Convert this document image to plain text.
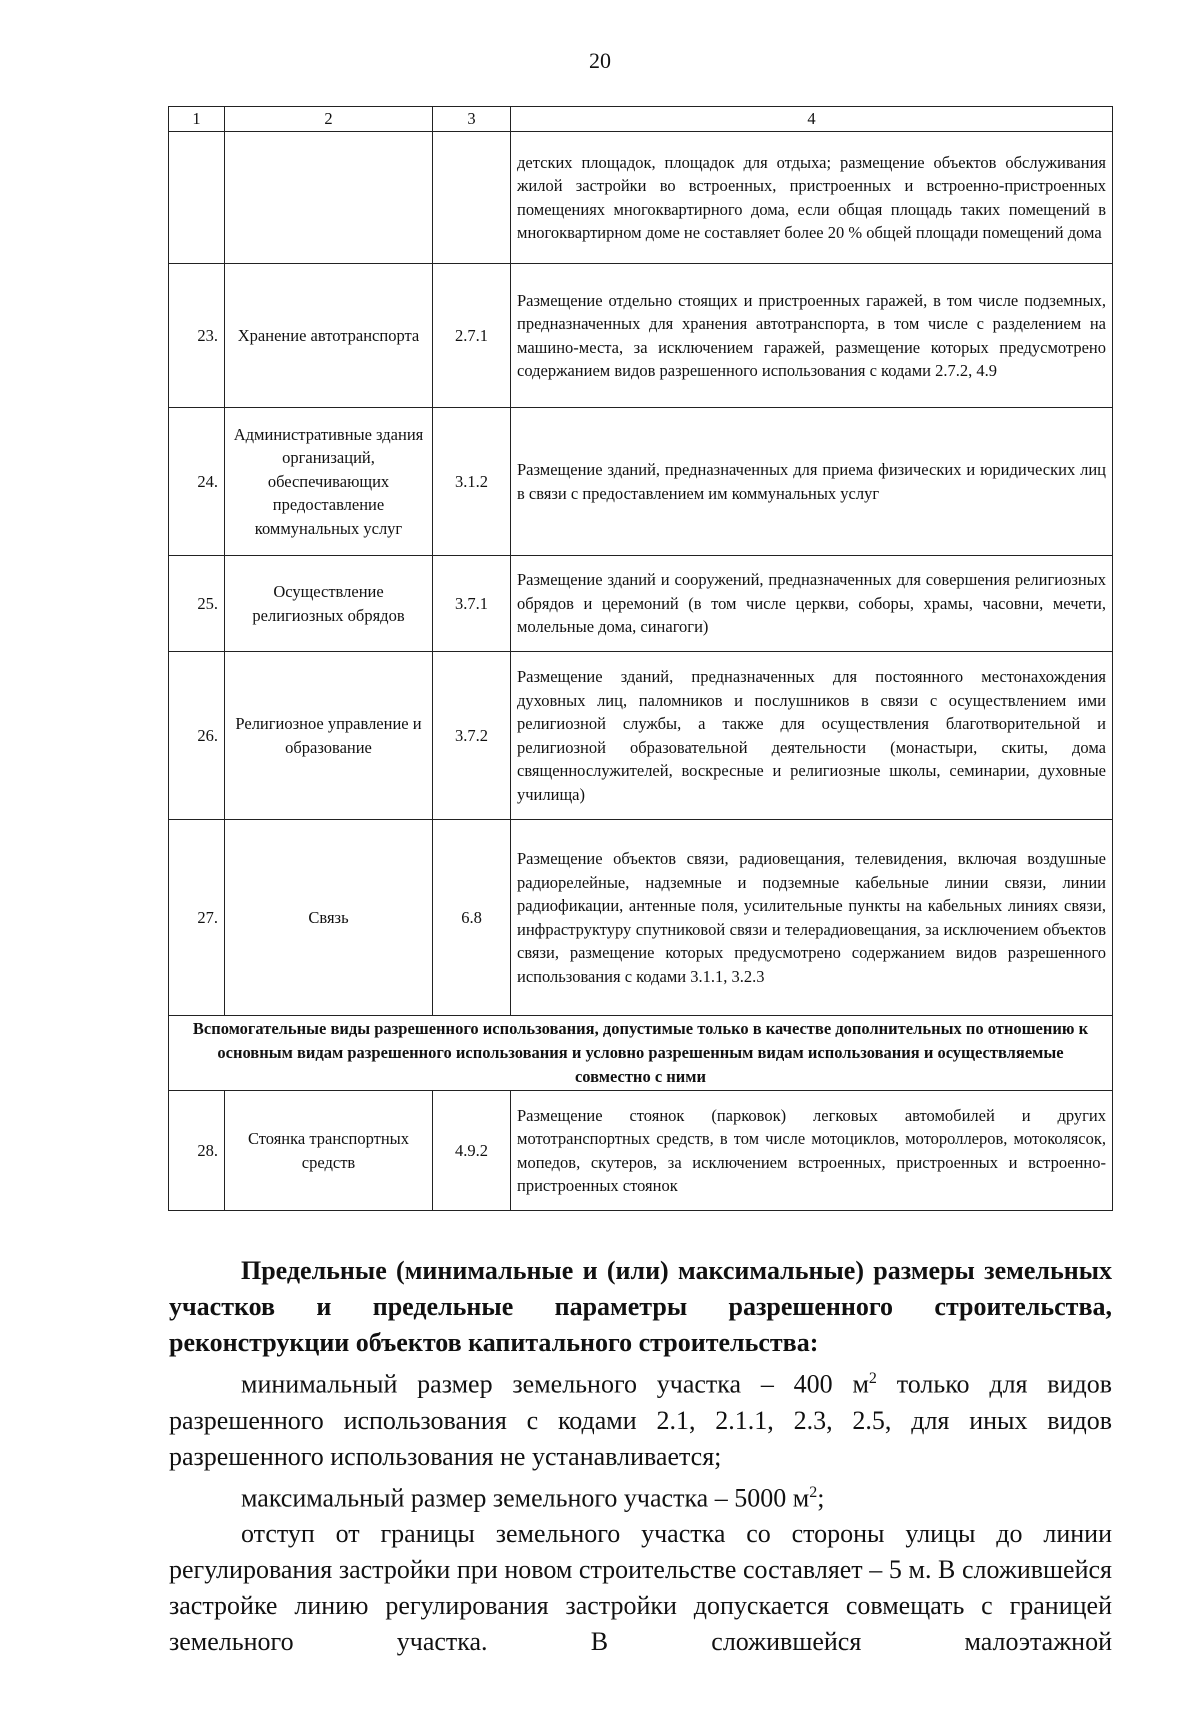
20
1	2	3	4
			детских площадок, площадок для отдыха; размещение объектов обслуживания жилой застройки во встроенных, пристроенных и встроенно-пристроенных помещениях многоквартирного дома, если общая площадь таких помещений в многоквартирном доме не составляет более 20 % общей площади помещений дома
23.	Хранение автотранспорта	2.7.1	Размещение отдельно стоящих и пристроенных гаражей, в том числе подземных, предназначенных для хранения автотранспорта, в том числе с разделением на машино-места, за исключением гаражей, размещение которых предусмотрено содержанием видов разрешенного использования с кодами 2.7.2, 4.9
24.	Административные здания организаций, обеспечивающих предоставление коммунальных услуг	3.1.2	Размещение зданий, предназначенных для приема физических и юридических лиц в связи с предоставлением им коммунальных услуг
25.	Осуществление религиозных обрядов	3.7.1	Размещение зданий и сооружений, предназначенных для совершения религиозных обрядов и церемоний (в том числе церкви, соборы, храмы, часовни, мечети, молельные дома, синагоги)
26.	Религиозное управление и образование	3.7.2	Размещение зданий, предназначенных для постоянного местонахождения духовных лиц, паломников и послушников в связи с осуществлением ими религиозной службы, а также для осуществления благотворительной и религиозной образовательной деятельности (монастыри, скиты, дома священнослужителей, воскресные и религиозные школы, семинарии, духовные училища)
27.	Связь	6.8	Размещение объектов связи, радиовещания, телевидения, включая воздушные радиорелейные, надземные и подземные кабельные линии связи, линии радиофикации, антенные поля, усилительные пункты на кабельных линиях связи, инфраструктуру спутниковой связи и телерадиовещания, за исключением объектов связи, размещение которых предусмотрено содержанием видов разрешенного использования с кодами 3.1.1, 3.2.3
Вспомогательные виды разрешенного использования, допустимые только в качестве дополнительных по отношению к основным видам разрешенного использования и условно разрешенным видам использования и осуществляемые совместно с ними			
28.	Стоянка транспортных средств	4.9.2	Размещение стоянок (парковок) легковых автомобилей и других мототранспортных средств, в том числе мотоциклов, мотороллеров, мотоколясок, мопедов, скутеров, за исключением встроенных, пристроенных и встроенно-пристроенных стоянок

Предельные (минимальные и (или) максимальные) размеры земельных участков и предельные параметры разрешенного строительства, реконструкции объектов капитального строительства:

минимальный размер земельного участка – 400 $м^2$ только для видов разрешенного использования с кодами 2.1, 2.1.1, 2.3, 2.5, для иных видов разрешенного использования не устанавливается;

максимальный размер земельного участка – 5000 $м^2$;

отступ от границы земельного участка со стороны улицы до линии регулирования застройки при новом строительстве составляет – 5 м. В сложившейся застройке линию регулирования застройки допускается совмещать с границей земельного участка. В сложившейся малоэтажной
